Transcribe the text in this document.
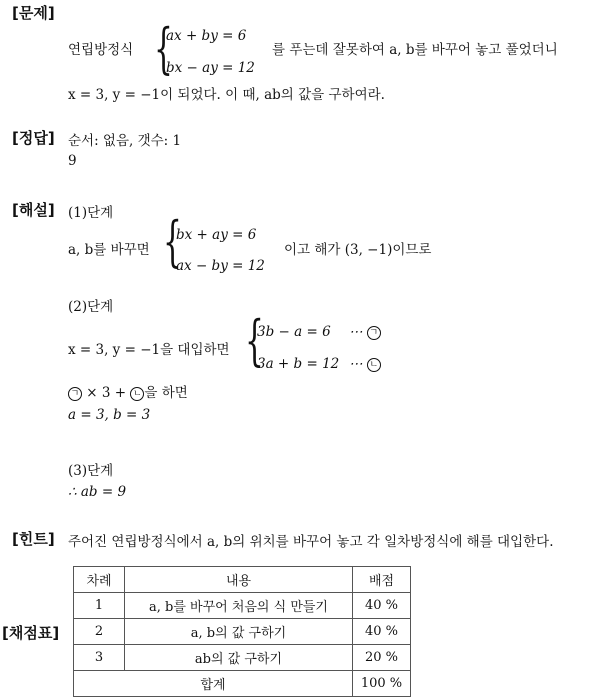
[문제]
연립방정식 {
ax + by = 6
bx − ay = 12
를 푸는데 잘못하여 a, b를 바꾸어 놓고 풀었더니
x = 3, y = −1이 되었다. 이 때, ab의 값을 구하여라.
[정답] 순서: 없음, 갯수: 1
9
[해설] (1)단계
a, b를 바꾸면 {
bx + ay = 6
ax − by = 12
이고 해가 (3, −1)이므로
(2)단계
x = 3, y = −1을 대입하면 {
3b − a = 6
3a + b = 12
⋯ ㄱ
⋯ ㄴ
ㄱ × 3 + ㄴ 을 하면
a = 3, b = 3
(3)단계
∴ ab = 9
[힌트] 주어진 연립방정식에서 a, b의 위치를 바꾸어 놓고 각 일차방정식에 해를 대입한다.
[채점표]
차례	내용	배점
1	a, b를 바꾸어 처음의 식 만들기	40 %
2	a, b의 값 구하기	40 %
3	ab의 값 구하기	20 %
합계		100 %
